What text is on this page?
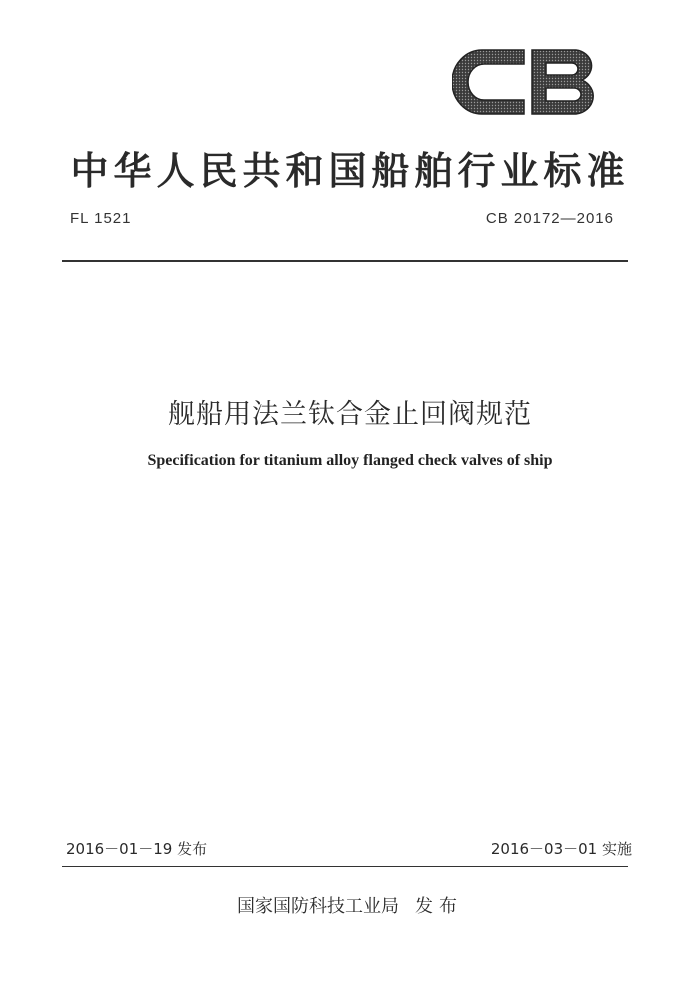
中华人民共和国船舶行业标准
FL 1521	CB 20172—2016
舰船用法兰钛合金止回阀规范
Specification for titanium alloy flanged check valves of ship
2016－01－19 发布	2016－03－01 实施
国家国防科技工业局 发布
